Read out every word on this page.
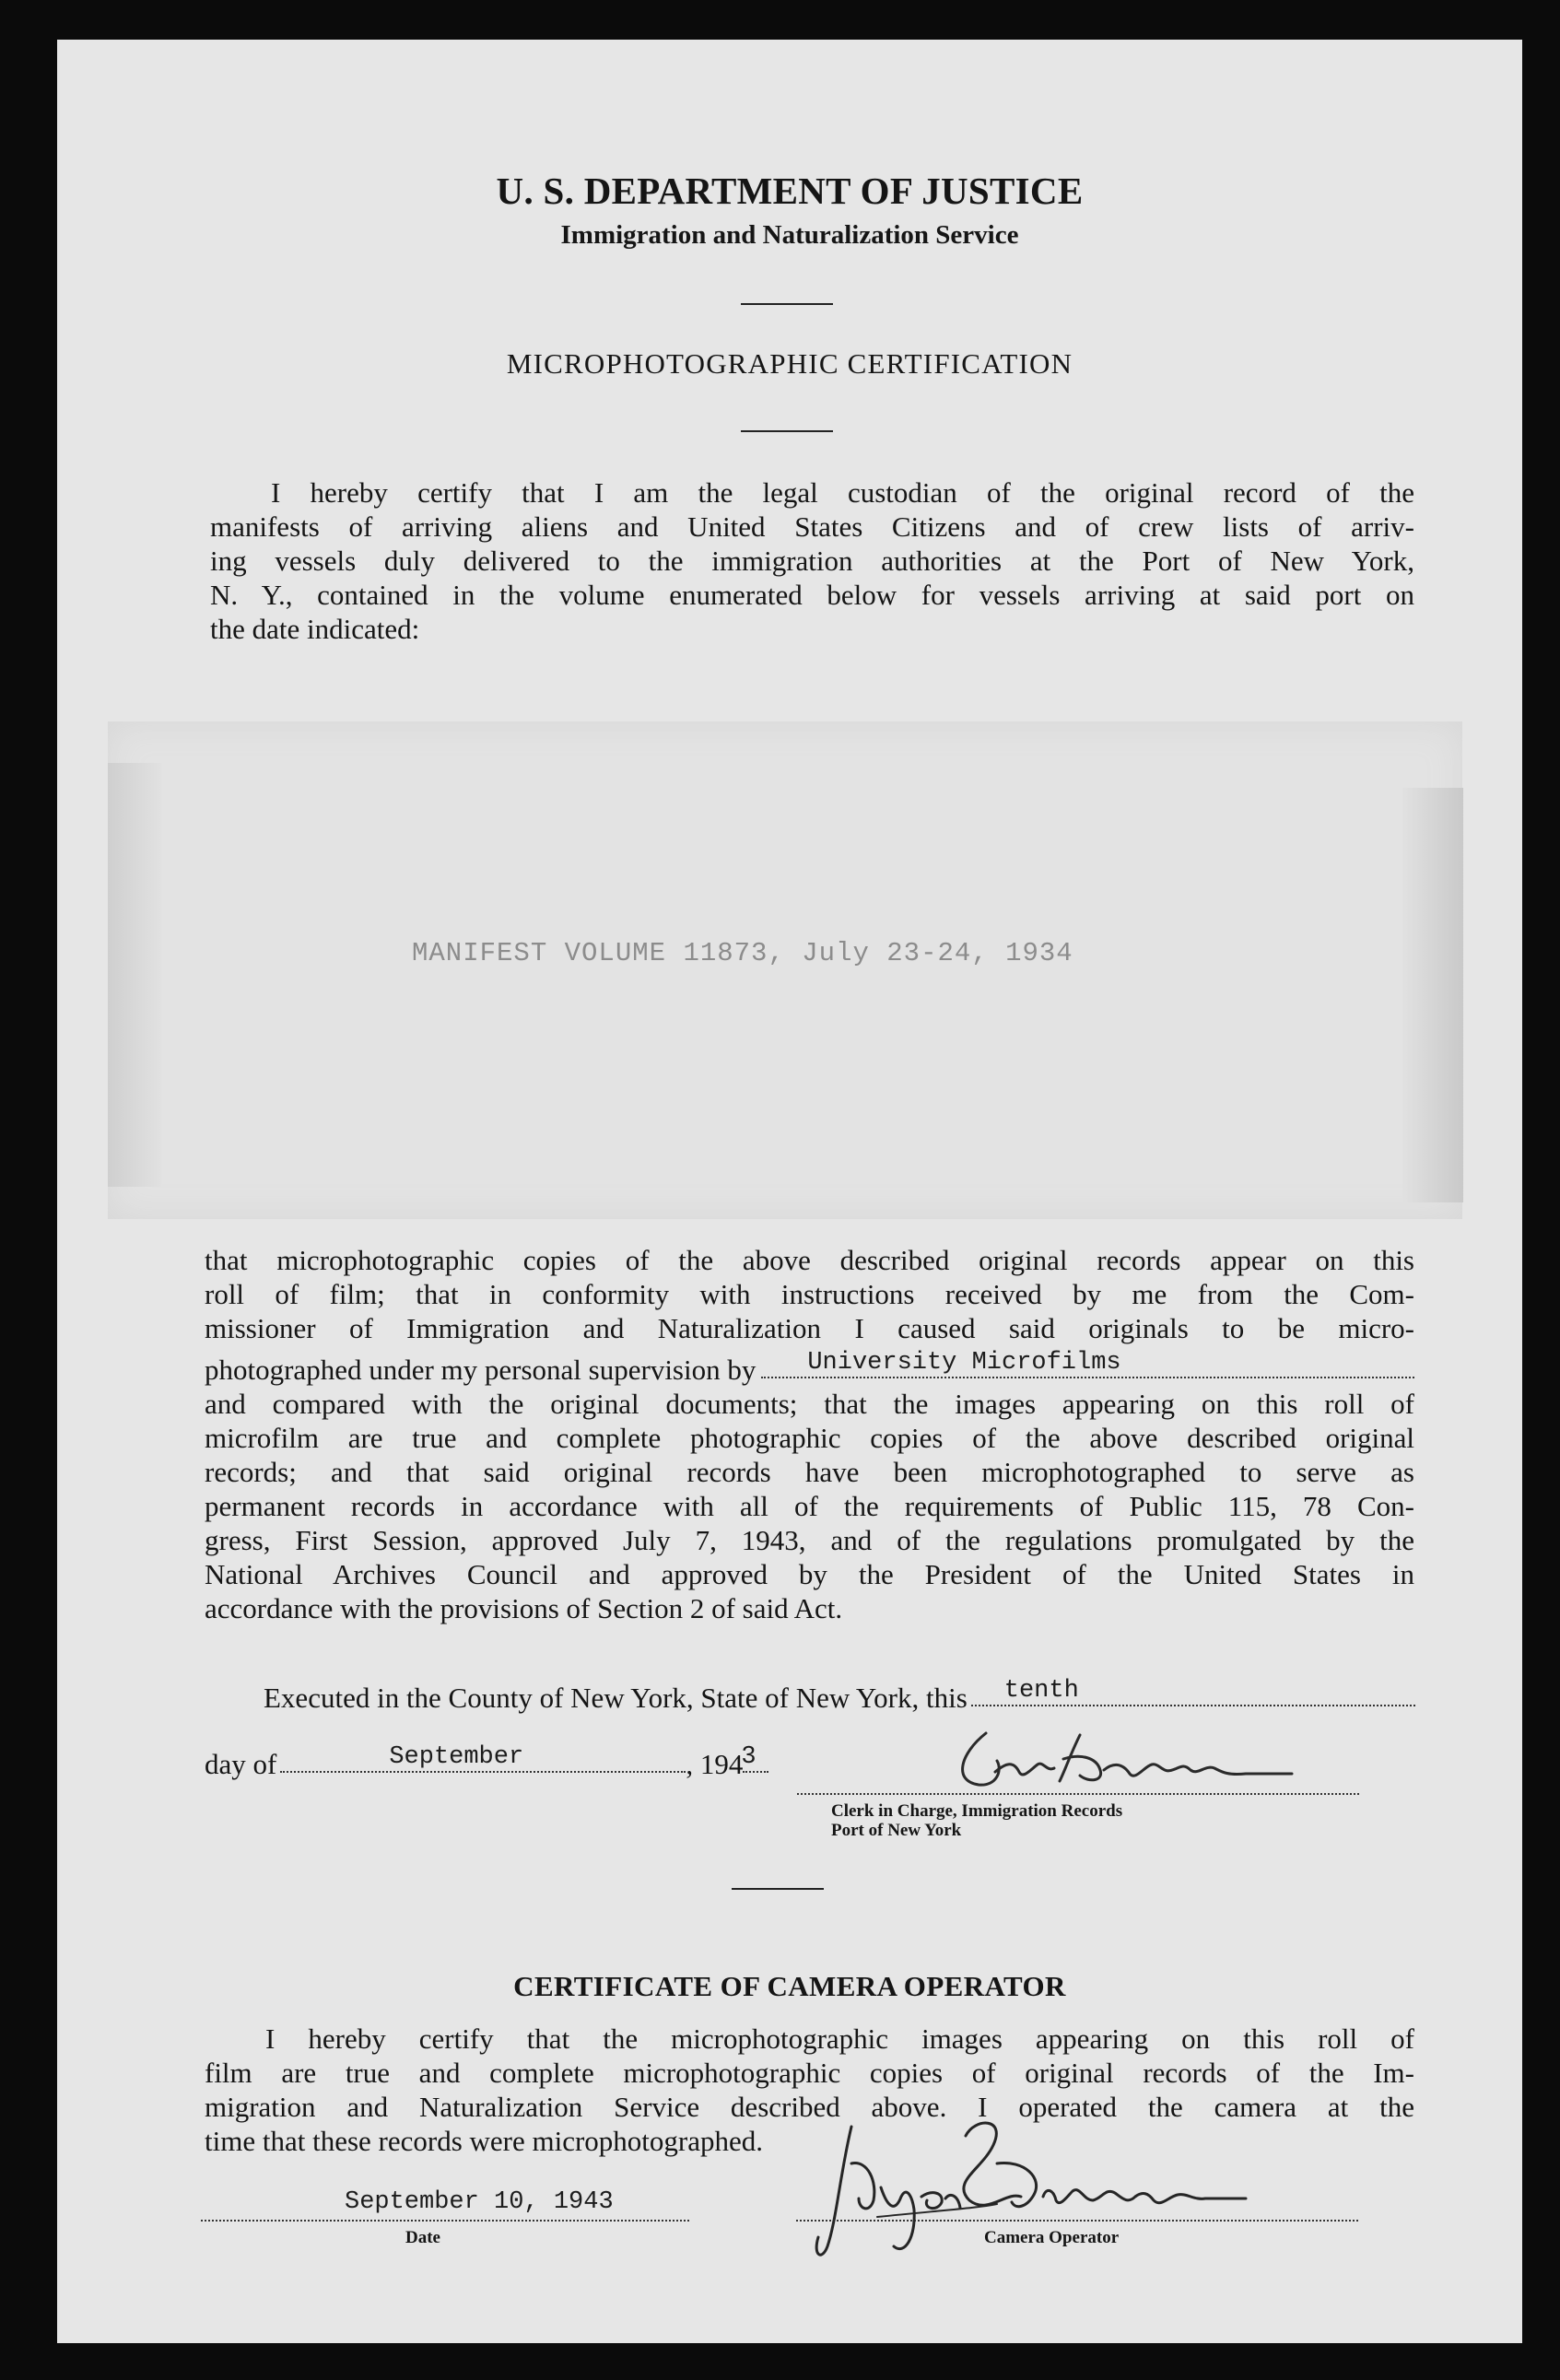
U. S. DEPARTMENT OF JUSTICE
Immigration and Naturalization Service
MICROPHOTOGRAPHIC CERTIFICATION
I hereby certify that I am the legal custodian of the original record of the
manifests of arriving aliens and United States Citizens and of crew lists of arriv-
ing vessels duly delivered to the immigration authorities at the Port of New York,
N. Y., contained in the volume enumerated below for vessels arriving at said port on
the date indicated:
MANIFEST VOLUME 11873, July 23-24, 1934
that microphotographic copies of the above described original records appear on this
roll of film; that in conformity with instructions received by me from the Com-
missioner of Immigration and Naturalization I caused said originals to be micro-
photographed under my personal supervision by University Microfilms
and compared with the original documents; that the images appearing on this roll of
microfilm are true and complete photographic copies of the above described original
records; and that said original records have been microphotographed to serve as
permanent records in accordance with all of the requirements of Public 115, 78 Con-
gress, First Session, approved July 7, 1943, and of the regulations promulgated by the
National Archives Council and approved by the President of the United States in
accordance with the provisions of Section 2 of said Act.
Executed in the County of New York, State of New York, this tenth
day of	September	, 194
3
Clerk in Charge, Immigration Records
Port of New York
CERTIFICATE OF CAMERA OPERATOR
I hereby certify that the microphotographic images appearing on this roll of
film are true and complete microphotographic copies of original records of the Im-
migration and Naturalization Service described above. I operated the camera at the
time that these records were microphotographed.
September 10, 1943
Date	Camera Operator
